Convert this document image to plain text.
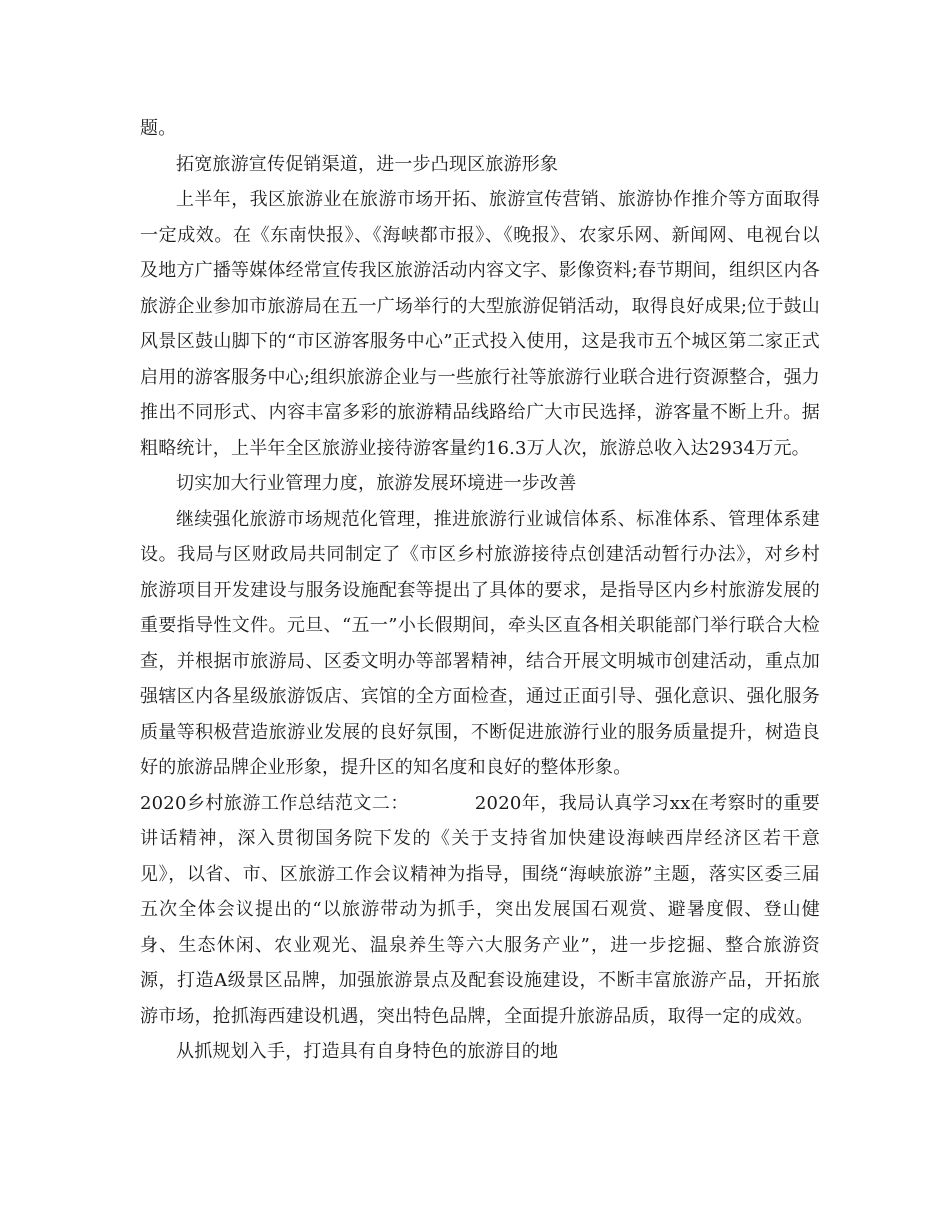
题。

拓宽旅游宣传促销渠道，进一步凸现区旅游形象

上半年，我区旅游业在旅游市场开拓、旅游宣传营销、旅游协作推介等方面取得一定成效。在《东南快报》、《海峡都市报》、《晚报》、农家乐网、新闻网、电视台以及地方广播等媒体经常宣传我区旅游活动内容文字、影像资料;春节期间，组织区内各旅游企业参加市旅游局在五一广场举行的大型旅游促销活动，取得良好成果;位于鼓山风景区鼓山脚下的“市区游客服务中心”正式投入使用，这是我市五个城区第二家正式启用的游客服务中心;组织旅游企业与一些旅行社等旅游行业联合进行资源整合，强力推出不同形式、内容丰富多彩的旅游精品线路给广大市民选择，游客量不断上升。据粗略统计，上半年全区旅游业接待游客量约16.3万人次，旅游总收入达2934万元。

切实加大行业管理力度，旅游发展环境进一步改善

继续强化旅游市场规范化管理，推进旅游行业诚信体系、标准体系、管理体系建设。我局与区财政局共同制定了《市区乡村旅游接待点创建活动暂行办法》，对乡村旅游项目开发建设与服务设施配套等提出了具体的要求，是指导区内乡村旅游发展的重要指导性文件。元旦、“五一”小长假期间，牵头区直各相关职能部门举行联合大检查，并根据市旅游局、区委文明办等部署精神，结合开展文明城市创建活动，重点加强辖区内各星级旅游饭店、宾馆的全方面检查，通过正面引导、强化意识、强化服务质量等积极营造旅游业发展的良好氛围，不断促进旅游行业的服务质量提升，树造良好的旅游品牌企业形象，提升区的知名度和良好的整体形象。

2020乡村旅游工作总结范文二：	2020年，我局认真学习xx在考察时的重要讲话精神，深入贯彻国务院下发的《关于支持省加快建设海峡西岸经济区若干意见》，以省、市、区旅游工作会议精神为指导，围绕“海峡旅游”主题，落实区委三届五次全体会议提出的“以旅游带动为抓手，突出发展国石观赏、避暑度假、登山健身、生态休闲、农业观光、温泉养生等六大服务产业”，进一步挖掘、整合旅游资源，打造A级景区品牌，加强旅游景点及配套设施建设，不断丰富旅游产品，开拓旅游市场，抢抓海西建设机遇，突出特色品牌，全面提升旅游品质，取得一定的成效。

从抓规划入手，打造具有自身特色的旅游目的地
